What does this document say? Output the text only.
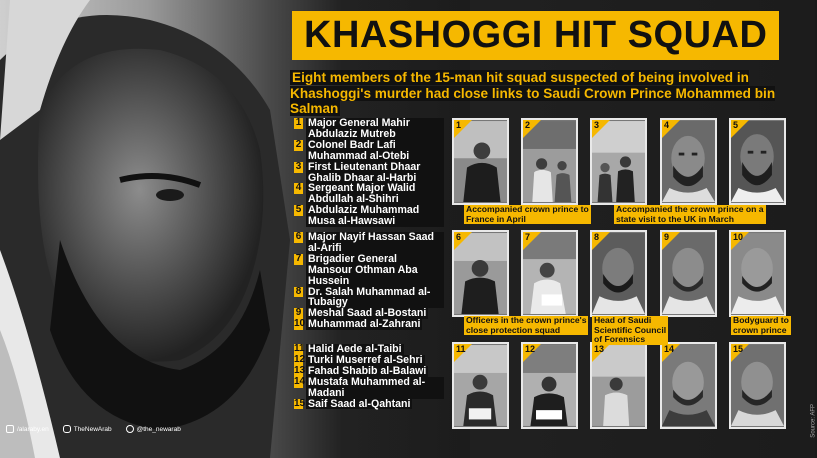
KHASHOGGI HIT SQUAD
Eight members of the 15-man hit squad suspected of being involved in Khashoggi's murder had close links to Saudi Crown Prince Mohammed bin Salman
1 Major General Mahir Abdulaziz Mutreb
2 Colonel Badr Lafi Muhammad al-Otebi
3 First Lieutenant Dhaar Ghalib Dhaar al-Harbi
4 Sergeant Major Walid Abdullah al-Shihri
5 Abdulaziz Muhammad Musa al-Hawsawi
6 Major Nayif Hassan Saad al-Arifi
7 Brigadier General Mansour Othman Aba Hussein
8 Dr. Salah Muhammad al-Tubaigy
9 Meshal Saad al-Bostani
10 Muhammad al-Zahrani
11 Halid Aede al-Taibi
12 Turki Muserref al-Sehri
13 Fahad Shabib al-Balawi
14 Mustafa Muhammed al-Madani
15 Saif Saad al-Qahtani
1	2	3	4	5
6	7	8	9	10
11	12	13	14	15
Accompanied crown prince to
France in April
Accompanied the crown prince on a
state visit to the UK in March
Officers in the crown prince's
close protection squad
Head of Saudi
Scientific Council
of Forensics
Bodyguard to
crown prince
/alaraby.en	TheNewArab	@the_newarab	Source: AFP
